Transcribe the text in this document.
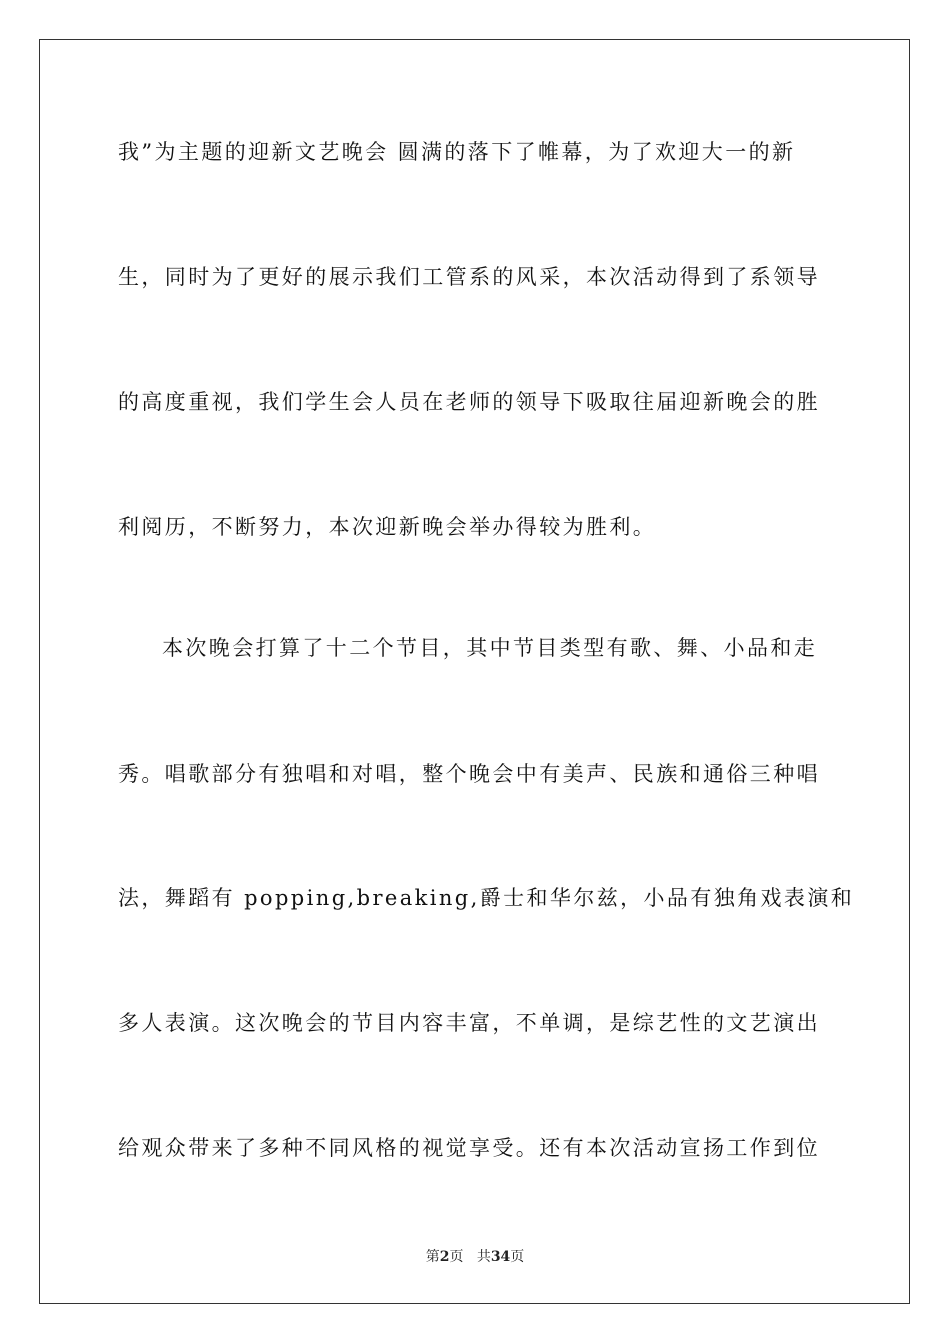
我”为主题的迎新文艺晚会 圆满的落下了帷幕，为了欢迎大一的新
生，同时为了更好的展示我们工管系的风采，本次活动得到了系领导
的高度重视，我们学生会人员在老师的领导下吸取往届迎新晚会的胜
利阅历，不断努力，本次迎新晚会举办得较为胜利。
本次晚会打算了十二个节目，其中节目类型有歌、舞、小品和走
秀。唱歌部分有独唱和对唱，整个晚会中有美声、民族和通俗三种唱
法，舞蹈有 popping,breaking,爵士和华尔兹，小品有独角戏表演和
多人表演。这次晚会的节目内容丰富，不单调，是综艺性的文艺演出
给观众带来了多种不同风格的视觉享受。还有本次活动宣扬工作到位
第2页 共34页
